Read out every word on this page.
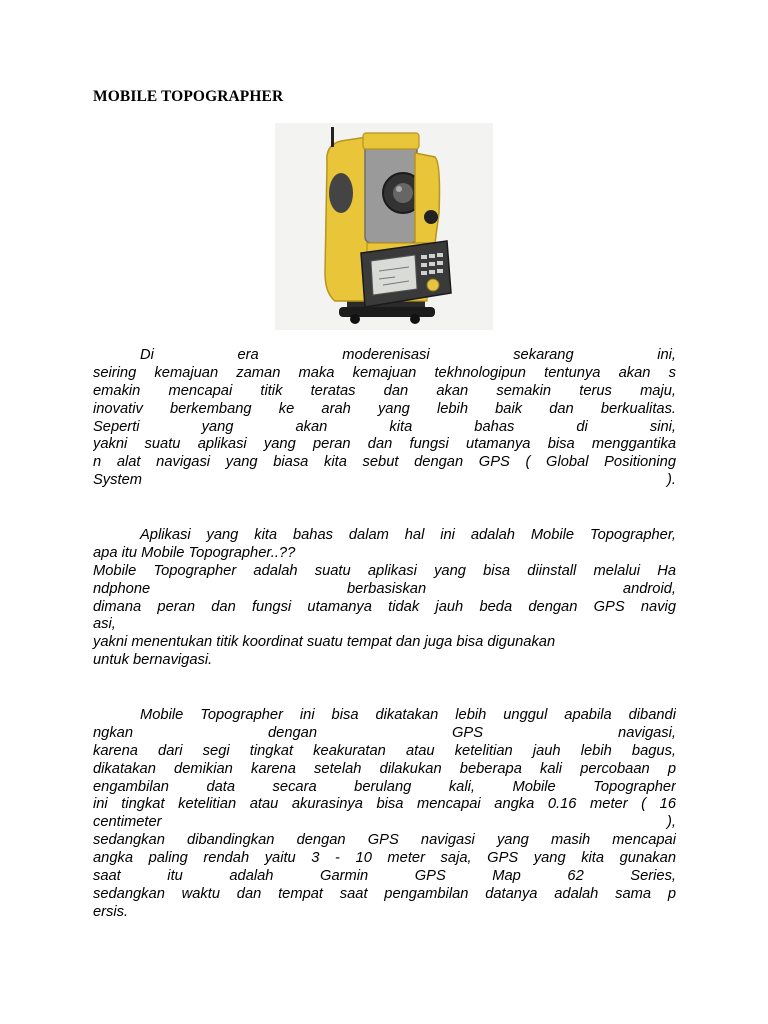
MOBILE TOPOGRAPHER
Di era moderenisasi sekarang ini,
seiring kemajuan zaman maka kemajuan tekhnologipun tentunya akan s
emakin mencapai titik teratas dan akan semakin terus maju,
inovativ berkembang ke arah yang lebih baik dan berkualitas.
Seperti yang akan kita bahas di sini,
yakni suatu aplikasi yang peran dan fungsi utamanya bisa menggantika
n alat navigasi yang biasa kita sebut dengan GPS ( Global Positioning
System	).
Aplikasi yang kita bahas dalam hal ini adalah Mobile Topographer,
apa itu Mobile Topographer..??
Mobile Topographer adalah suatu aplikasi yang bisa diinstall melalui Ha
ndphone berbasiskan android,
dimana peran dan fungsi utamanya tidak jauh beda dengan GPS navig
asi,
yakni menentukan titik koordinat suatu tempat dan juga bisa digunakan
untuk bernavigasi.
Mobile Topographer ini bisa dikatakan lebih unggul apabila dibandi
ngkan dengan GPS navigasi,
karena dari segi tingkat keakuratan atau ketelitian jauh lebih bagus,
dikatakan demikian karena setelah dilakukan beberapa kali percobaan p
engambilan data secara berulang kali, Mobile Topographer
ini tingkat ketelitian atau akurasinya bisa mencapai angka 0.16 meter ( 16
centimeter	),
sedangkan dibandingkan dengan GPS navigasi yang masih mencapai
angka paling rendah yaitu 3 - 10 meter saja, GPS yang kita gunakan
saat itu adalah Garmin GPS Map 62 Series,
sedangkan waktu dan tempat saat pengambilan datanya adalah sama p
ersis.
